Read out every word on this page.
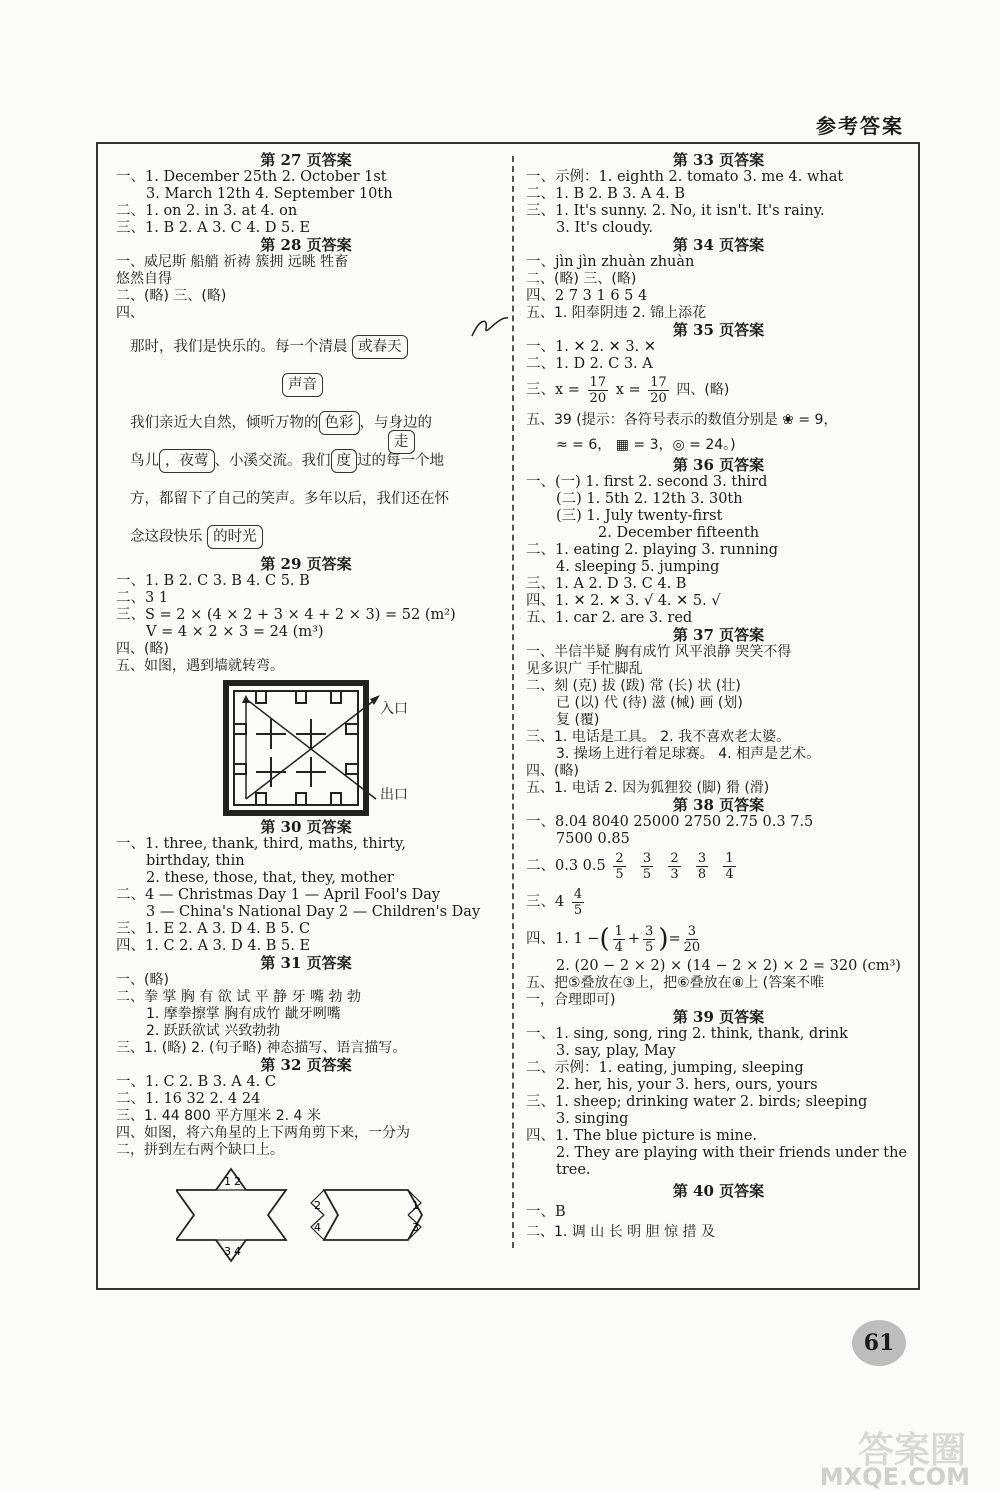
参考答案
第 27 页答案
一、1. December 25th 2. October 1st
3. March 12th 4. September 10th
二、1. on 2. in 3. at 4. on
三、1. B 2. A 3. C 4. D 5. E
第 28 页答案
一、威尼斯 船艄 祈祷 簇拥 远眺 牲畜
悠然自得
二、(略) 三、(略)
四、
那时，我们是快乐的。每一个清晨 或春天
声音
我们亲近大自然，倾听万物的 色彩 ，与身边的
鸟儿 ，夜莺 、小溪交流。我们 度 过的每一个地
走
方，都留下了自己的笑声。多年以后，我们还在怀
念这段快乐 的时光
第 29 页答案
一、1. B 2. C 3. B 4. C 5. B
二、3 1
三、S = 2 × (4 × 2 + 3 × 4 + 2 × 3) = 52 (m²)
V = 4 × 2 × 3 = 24 (m³)
四、(略)
五、如图，遇到墙就转弯。
入口
出口
第 30 页答案
一、1. three, thank, third, maths, thirty,
birthday, thin
2. these, those, that, they, mother
二、4 — Christmas Day 1 — April Fool's Day
3 — China's National Day 2 — Children's Day
三、1. E 2. A 3. D 4. B 5. C
四、1. C 2. A 3. D 4. B 5. E
第 31 页答案
一、(略)
二、拳 掌 胸 有 欲 试 平 静 牙 嘴 勃 勃
1. 摩拳擦掌 胸有成竹 龇牙咧嘴
2. 跃跃欲试 兴致勃勃
三、1. (略) 2. (句子略) 神态描写、语言描写。
第 32 页答案
一、1. C 2. B 3. A 4. C
二、1. 16 32 2. 4 24
三、1. 44 800 平方厘米 2. 4 米
四、如图，将六角星的上下两角剪下来，一分为
二，拼到左右两个缺口上。
1 2
3 4
2
4
1
3
第 33 页答案
一、示例：1. eighth 2. tomato 3. me 4. what
二、1. B 2. B 3. A 4. B
三、1. It's sunny. 2. No, it isn't. It's rainy.
3. It's cloudy.
第 34 页答案
一、jìn jìn zhuàn zhuàn
二、(略) 三、(略)
四、2 7 3 1 6 5 4
五、1. 阳奉阴违 2. 锦上添花
第 35 页答案
一、1. ✕ 2. ✕ 3. ✕
二、1. D 2. C 3. A
三、$x = \frac{17}{20}$ $x = \frac{17}{20}$ 四、(略)
五、39 (提示：各符号表示的数值分别是 ❀ = 9，
≈ = 6， ▦ = 3，◎ = 24。)
第 36 页答案
一、(一) 1. first 2. second 3. third
(二) 1. 5th 2. 12th 3. 30th
(三) 1. July twenty-first
2. December fifteenth
二、1. eating 2. playing 3. running
4. sleeping 5. jumping
三、1. A 2. D 3. C 4. B
四、1. ✕ 2. ✕ 3. √ 4. ✕ 5. √
五、1. car 2. are 3. red
第 37 页答案
一、半信半疑 胸有成竹 风平浪静 哭笑不得
见多识广 手忙脚乱
二、刻 (克) 拔 (跋) 常 (长) 状 (壮)
已 (以) 代 (待) 滋 (械) 画 (划)
复 (覆)
三、1. 电话是工具。 2. 我不喜欢老太婆。
3. 操场上进行着足球赛。 4. 相声是艺术。
四、(略)
五、1. 电话 2. 因为狐狸狡 (脚) 猾 (滑)
第 38 页答案
一、8.04 8040 25000 2750 2.75 0.3 7.5
7500 0.85
二、0.3 $0.5 \frac{2}{5}$
$\frac{3}{5}$
$\frac{2}{3}$
$\frac{3}{8}$
$\frac{1}{4}$
三、$4 \frac{4}{5}$
四、1. 1 −( $\frac{1}{4} + \frac{3}{5}$ )= $\frac{3}{20}$
2. (20 − 2 × 2) × (14 − 2 × 2) × 2 = 320 (cm³)
五、把⑤叠放在③上，把⑥叠放在⑧上 (答案不唯
一，合理即可)
第 39 页答案
一、1. sing, song, ring 2. think, thank, drink
3. say, play, May
二、示例：1. eating, jumping, sleeping
2. her, his, your 3. hers, ours, yours
三、1. sheep; drinking water 2. birds; sleeping
3. singing
四、1. The blue picture is mine.
2. They are playing with their friends under the
tree.
第 40 页答案
一、B
二、1. 调 山 长 明 胆 惊 措 及
61
答案圈
MXQE.COM
